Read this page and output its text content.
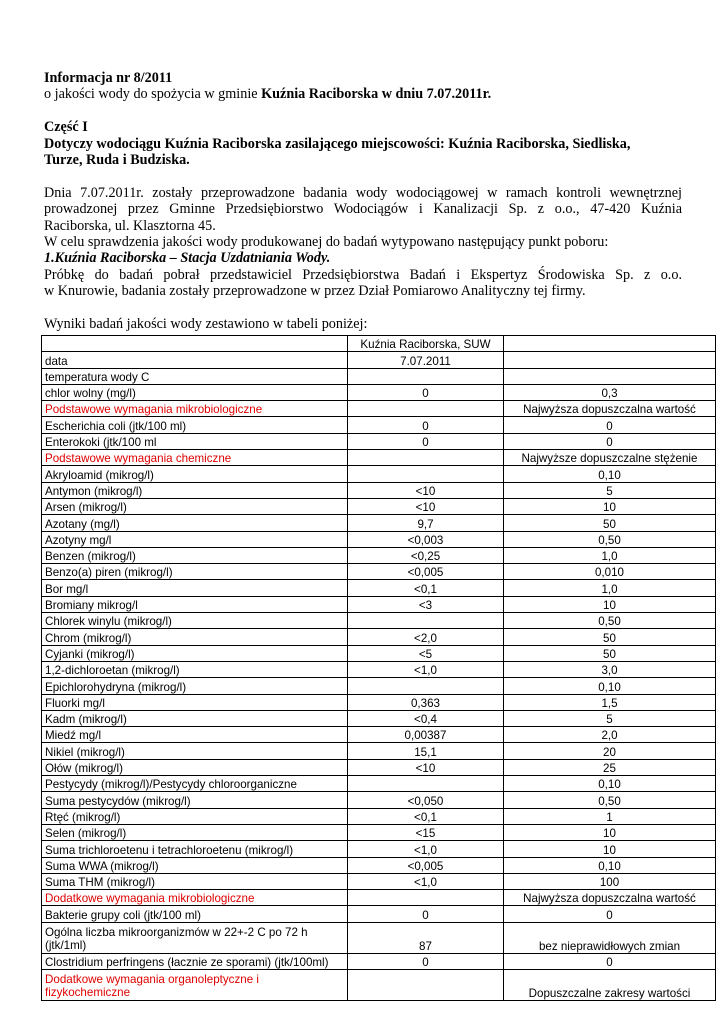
Informacja nr 8/2011
o jakości wody do spożycia w gminie Kuźnia Raciborska w dniu 7.07.2011r.
Część I
Dotyczy wodociągu Kuźnia Raciborska zasilającego miejscowości: Kuźnia Raciborska, Siedliska,
Turze, Ruda i Budziska.
Dnia 7.07.2011r. zostały przeprowadzone badania wody wodociągowej w ramach kontroli wewnętrznej
prowadzonej przez Gminne Przedsiębiorstwo Wodociągów i Kanalizacji Sp. z o.o., 47-420 Kuźnia
Raciborska, ul. Klasztorna 45.
W celu sprawdzenia jakości wody produkowanej do badań wytypowano następujący punkt poboru:
1.Kuźnia Raciborska – Stacja Uzdatniania Wody.
Próbkę do badań pobrał przedstawiciel Przedsiębiorstwa Badań i Ekspertyz Środowiska Sp. z o.o.
w Knurowie, badania zostały przeprowadzone w przez Dział Pomiarowo Analityczny tej firmy.
Wyniki badań jakości wody zestawiono w tabeli poniżej:
	Kuźnia Raciborska, SUW	
data	7.07.2011	
temperatura wody C		
chlor wolny (mg/l)	0	0,3
Podstawowe wymagania mikrobiologiczne		Najwyższa dopuszczalna wartość
Escherichia coli (jtk/100 ml)	0	0
Enterokoki (jtk/100 ml	0	0
Podstawowe wymagania chemiczne		Najwyższe dopuszczalne stężenie
Akryloamid (mikrog/l)		0,10
Antymon (mikrog/l)	<10	5
Arsen (mikrog/l)	<10	10
Azotany (mg/l)	9,7	50
Azotyny mg/l	<0,003	0,50
Benzen (mikrog/l)	<0,25	1,0
Benzo(a) piren (mikrog/l)	<0,005	0,010
Bor mg/l	<0,1	1,0
Bromiany mikrog/l	<3	10
Chlorek winylu (mikrog/l)		0,50
Chrom (mikrog/l)	<2,0	50
Cyjanki (mikrog/l)	<5	50
1,2-dichloroetan (mikrog/l)	<1,0	3,0
Epichlorohydryna (mikrog/l)		0,10
Fluorki mg/l	0,363	1,5
Kadm (mikrog/l)	<0,4	5
Miedź mg/l	0,00387	2,0
Nikiel (mikrog/l)	15,1	20
Ołów (mikrog/l)	<10	25
Pestycydy (mikrog/l)/Pestycydy chloroorganiczne		0,10
Suma pestycydów (mikrog/l)	<0,050	0,50
Rtęć (mikrog/l)	<0,1	1
Selen (mikrog/l)	<15	10
Suma trichloroetenu i tetrachloroetenu (mikrog/l)	<1,0	10
Suma WWA (mikrog/l)	<0,005	0,10
Suma THM (mikrog/l)	<1,0	100
Dodatkowe wymagania mikrobiologiczne		Najwyższa dopuszczalna wartość
Bakterie grupy coli (jtk/100 ml)	0	0
Ogólna liczba mikroorganizmów w 22+-2 C po 72 h (jtk/1ml)	87	bez nieprawidłowych zmian
Clostridium perfringens (łacznie ze sporami) (jtk/100ml)	0	0
Dodatkowe wymagania organoleptyczne i fizykochemiczne		Dopuszczalne zakresy wartości
